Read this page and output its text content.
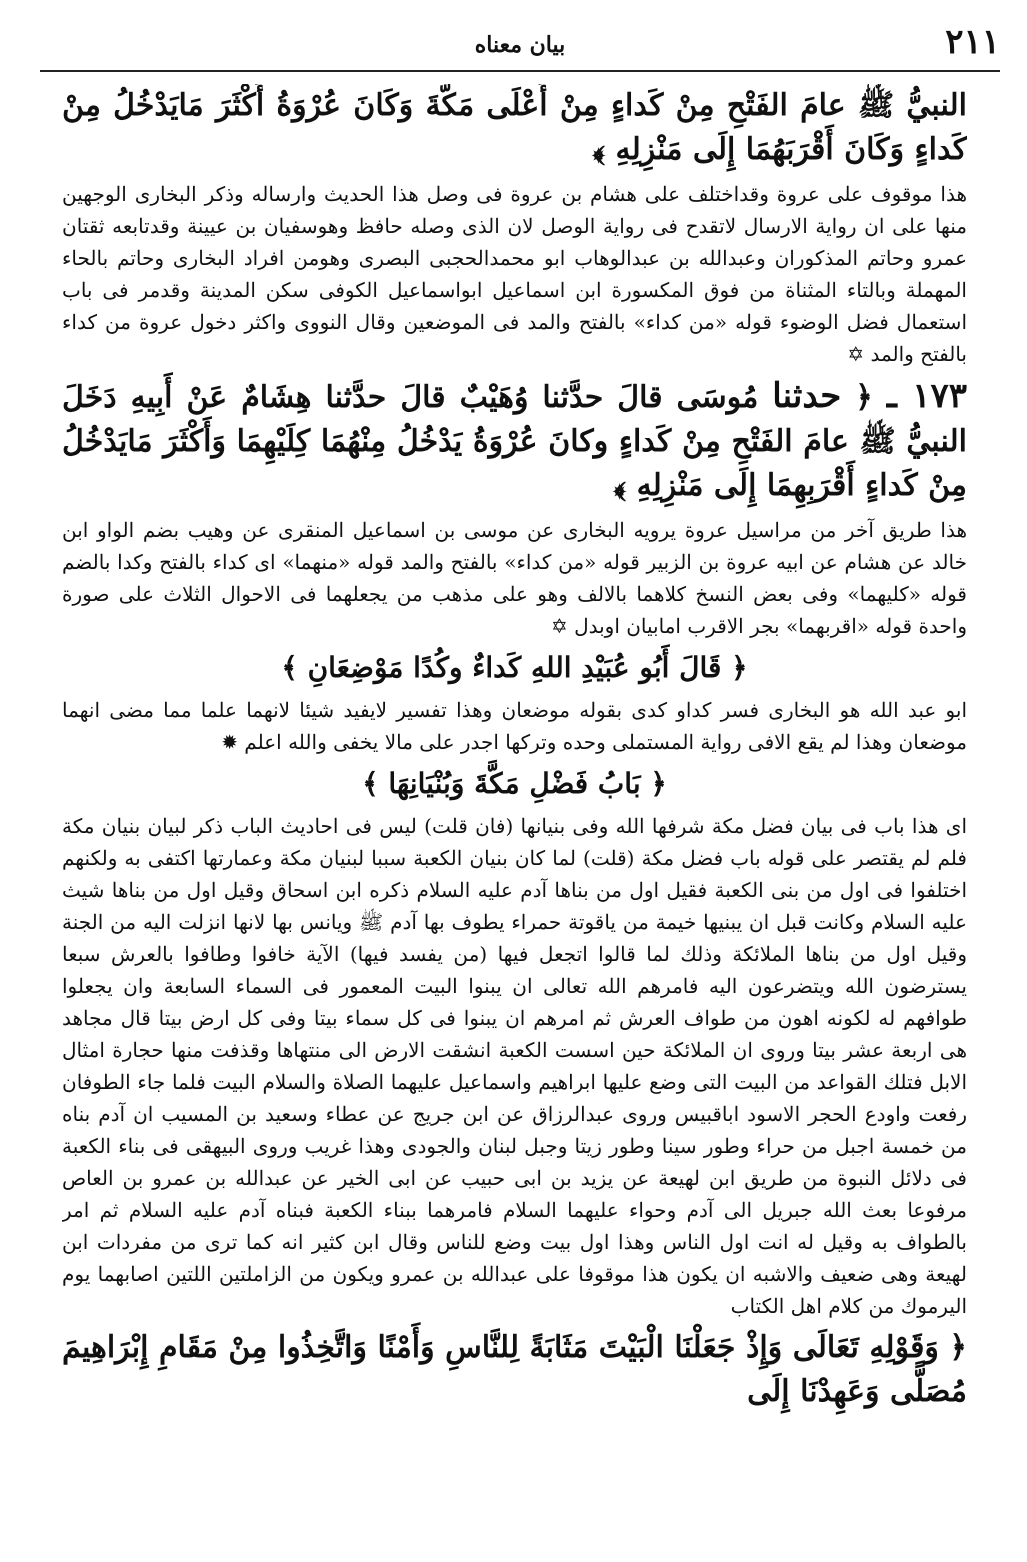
۲۱۱
بیان معناه

النبيُّ ﷺ عامَ الفَتْحِ مِنْ كَداءٍ مِنْ أَعْلَى مَكَّةَ وَكَانَ عُرْوَةُ أَكْثَرَ مَايَدْخُلُ مِنْ كَداءٍ وَكَانَ أَقْرَبَهُمَا إِلَى مَنْزِلِهِ ﴾

هذا موقوف على عروة وقداختلف على هشام بن عروة فى وصل هذا الحديث وارساله وذكر البخارى الوجهين منها على ان رواية الارسال لاتقدح فى رواية الوصل لان الذى وصله حافظ وهوسفيان بن عيينة وقدتابعه ثقتان عمرو وحاتم المذكوران وعبدالله بن عبدالوهاب ابو محمدالحجبى البصرى وهومن افراد البخارى وحاتم بالحاء المهملة وبالتاء المثناة من فوق المكسورة ابن اسماعيل ابواسماعيل الكوفى سكن المدينة وقدمر فى باب استعمال فضل الوضوء قوله «من كداء» بالفتح والمد فى الموضعين وقال النووى واكثر دخول عروة من كداء بالفتح والمد ✡

۱۷۳ ـ ﴿ حدثنا مُوسَى قالَ حدَّثنا وُهَيْبٌ قالَ حدَّثنا هِشَامٌ عَنْ أَبِيهِ دَخَلَ النبيُّ ﷺ عامَ الفَتْحِ مِنْ كَداءٍ وكانَ عُرْوَةُ يَدْخُلُ مِنْهُمَا كِلَيْهِمَا وَأَكْثَرَ مَايَدْخُلُ مِنْ كَداءٍ أَقْرَبِهِمَا إِلَى مَنْزِلِهِ ﴾

هذا طريق آخر من مراسيل عروة يرويه البخارى عن موسى بن اسماعيل المنقرى عن وهيب بضم الواو ابن خالد عن هشام عن ابيه عروة بن الزبير قوله «من كداء» بالفتح والمد قوله «منهما» اى كداء بالفتح وكدا بالضم قوله «كليهما» وفى بعض النسخ كلاهما بالالف وهو على مذهب من يجعلهما فى الاحوال الثلاث على صورة واحدة قوله «اقربهما» بجر الاقرب امابيان اوبدل ✡

﴿ قَالَ أَبُو عُبَيْدِ اللهِ كَداءٌ وكُدًا مَوْضِعَانِ ﴾

ابو عبد الله هو البخارى فسر كداو كدى بقوله موضعان وهذا تفسير لايفيد شيئا لانهما علما مما مضى انهما موضعان وهذا لم يقع الافى رواية المستملى وحده وتركها اجدر على مالا يخفى والله اعلم ✹

﴿ بَابُ فَضْلِ مَكَّةَ وَبُنْيَانِهَا ﴾

اى هذا باب فى بيان فضل مكة شرفها الله وفى بنيانها (فان قلت) ليس فى احاديث الباب ذكر لبيان بنيان مكة فلم لم يقتصر على قوله باب فضل مكة (قلت) لما كان بنيان الكعبة سببا لبنيان مكة وعمارتها اكتفى به ولكنهم اختلفوا فى اول من بنى الكعبة فقيل اول من بناها آدم عليه السلام ذكره ابن اسحاق وقيل اول من بناها شيث عليه السلام وكانت قبل ان يبنيها خيمة من ياقوتة حمراء يطوف بها آدم ﷺ ويانس بها لانها انزلت اليه من الجنة وقيل اول من بناها الملائكة وذلك لما قالوا اتجعل فيها (من يفسد فيها) الآية خافوا وطافوا بالعرش سبعا يسترضون الله ويتضرعون اليه فامرهم الله تعالى ان يبنوا البيت المعمور فى السماء السابعة وان يجعلوا طوافهم له لكونه اهون من طواف العرش ثم امرهم ان يبنوا فى كل سماء بيتا وفى كل ارض بيتا قال مجاهد هى اربعة عشر بيتا وروى ان الملائكة حين اسست الكعبة انشقت الارض الى منتهاها وقذفت منها حجارة امثال الابل فتلك القواعد من البيت التى وضع عليها ابراهيم واسماعيل عليهما الصلاة والسلام البيت فلما جاء الطوفان رفعت واودع الحجر الاسود اباقبيس وروى عبدالرزاق عن ابن جريج عن عطاء وسعيد بن المسيب ان آدم بناه من خمسة اجبل من حراء وطور سينا وطور زيتا وجبل لبنان والجودى وهذا غريب وروى البيهقى فى بناء الكعبة فى دلائل النبوة من طريق ابن لهيعة عن يزيد بن ابى حبيب عن ابى الخير عن عبدالله بن عمرو بن العاص مرفوعا بعث الله جبريل الى آدم وحواء عليهما السلام فامرهما ببناء الكعبة فبناه آدم عليه السلام ثم امر بالطواف به وقيل له انت اول الناس وهذا اول بيت وضع للناس وقال ابن كثير انه كما ترى من مفردات ابن لهيعة وهى ضعيف والاشبه ان يكون هذا موقوفا على عبدالله بن عمرو ويكون من الزاملتين اللتين اصابهما يوم اليرموك من كلام اهل الكتاب

﴿ وَقَوْلِهِ تَعَالَى وَإِذْ جَعَلْنَا الْبَيْتَ مَثَابَةً لِلنَّاسِ وَأَمْنًا وَاتَّخِذُوا مِنْ مَقَامِ إِبْرَاهِيمَ مُصَلًّى وَعَهِدْنَا إِلَى
